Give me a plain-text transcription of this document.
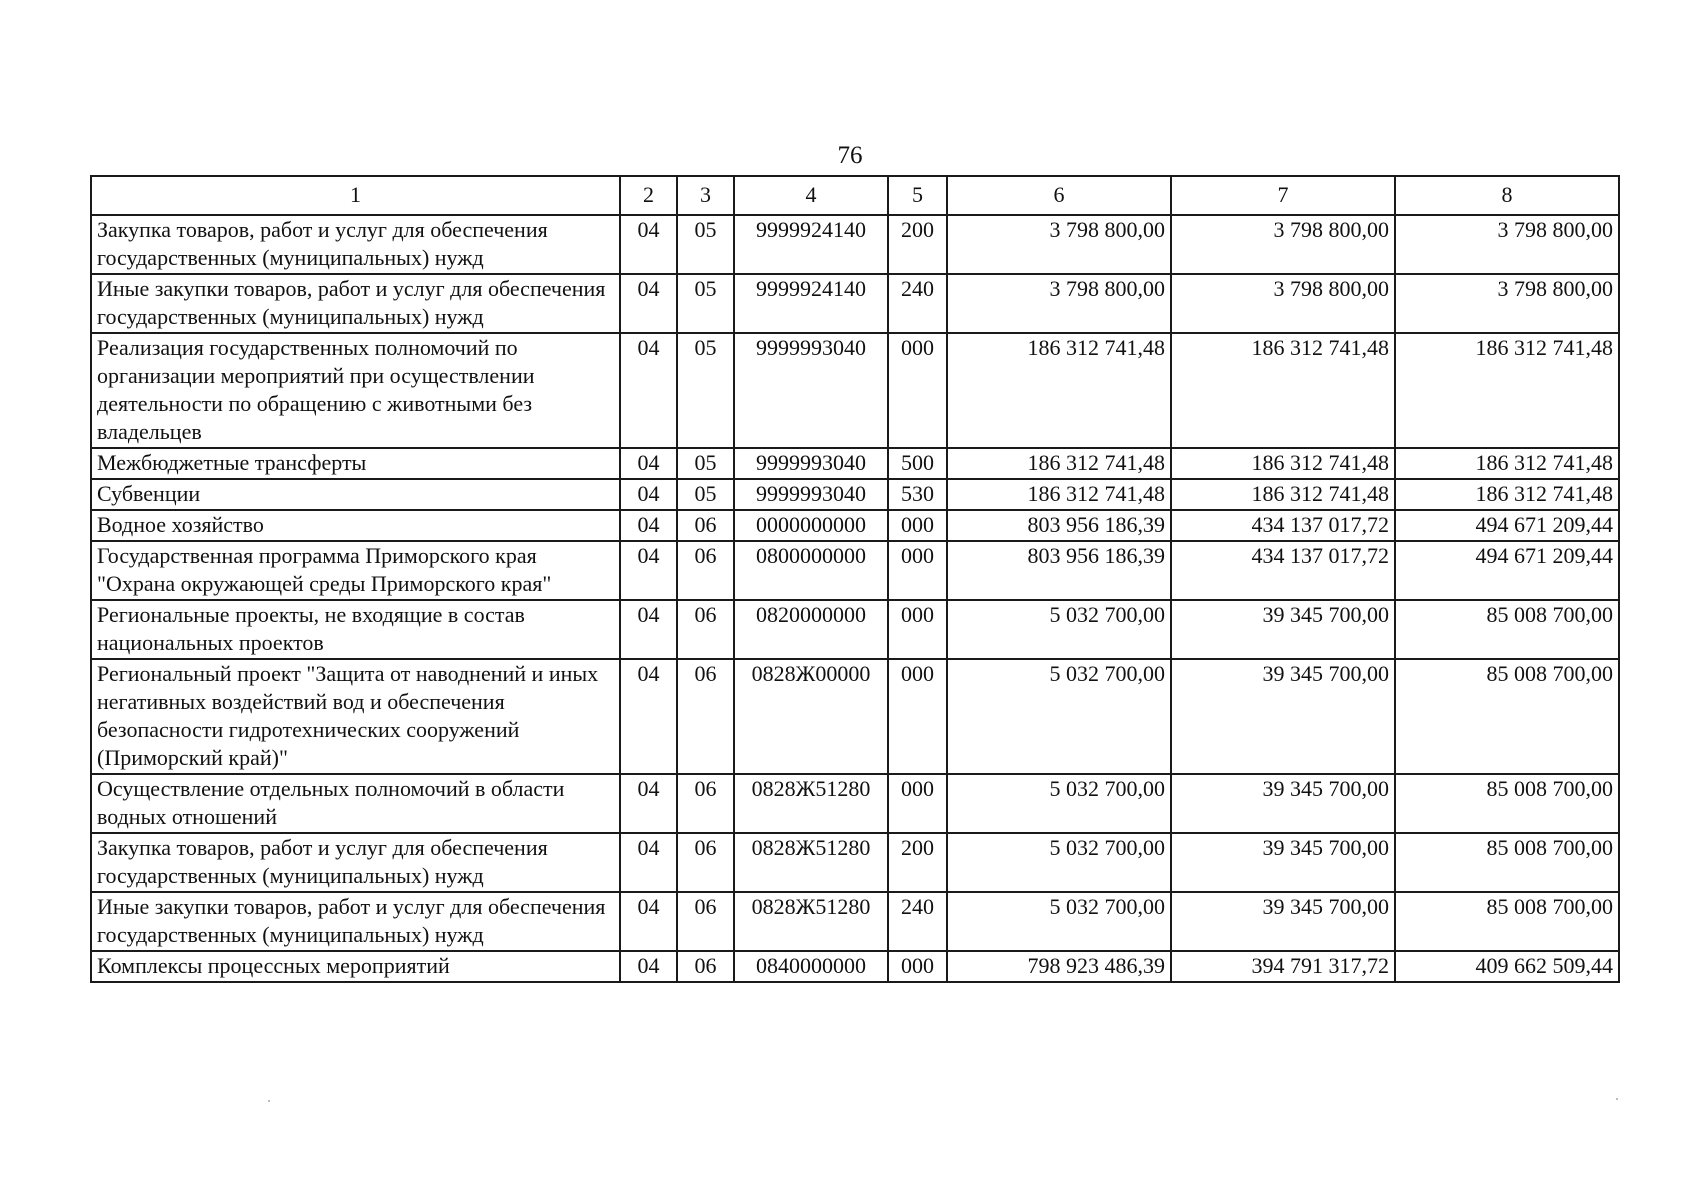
76
1	2	3	4	5	6	7	8
Закупка товаров, работ и услуг для обеспечения государственных (муниципальных) нужд	04	05	9999924140	200	3 798 800,00	3 798 800,00	3 798 800,00
Иные закупки товаров, работ и услуг для обеспечения государственных (муниципальных) нужд	04	05	9999924140	240	3 798 800,00	3 798 800,00	3 798 800,00
Реализация государственных полномочий по организации мероприятий при осуществлении деятельности по обращению с животными без владельцев	04	05	9999993040	000	186 312 741,48	186 312 741,48	186 312 741,48
Межбюджетные трансферты	04	05	9999993040	500	186 312 741,48	186 312 741,48	186 312 741,48
Субвенции	04	05	9999993040	530	186 312 741,48	186 312 741,48	186 312 741,48
Водное хозяйство	04	06	0000000000	000	803 956 186,39	434 137 017,72	494 671 209,44
Государственная программа Приморского края "Охрана окружающей среды Приморского края"	04	06	0800000000	000	803 956 186,39	434 137 017,72	494 671 209,44
Региональные проекты, не входящие в состав национальных проектов	04	06	0820000000	000	5 032 700,00	39 345 700,00	85 008 700,00
Региональный проект "Защита от наводнений и иных негативных воздействий вод и обеспечения безопасности гидротехнических сооружений (Приморский край)"	04	06	0828Ж00000	000	5 032 700,00	39 345 700,00	85 008 700,00
Осуществление отдельных полномочий в области водных отношений	04	06	0828Ж51280	000	5 032 700,00	39 345 700,00	85 008 700,00
Закупка товаров, работ и услуг для обеспечения государственных (муниципальных) нужд	04	06	0828Ж51280	200	5 032 700,00	39 345 700,00	85 008 700,00
Иные закупки товаров, работ и услуг для обеспечения государственных (муниципальных) нужд	04	06	0828Ж51280	240	5 032 700,00	39 345 700,00	85 008 700,00
Комплексы процессных мероприятий	04	06	0840000000	000	798 923 486,39	394 791 317,72	409 662 509,44
